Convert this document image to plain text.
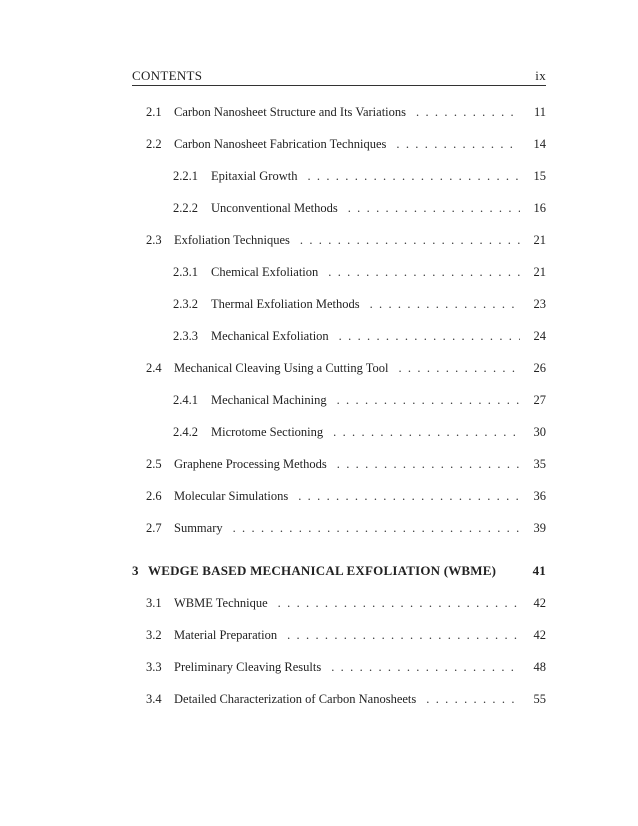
CONTENTS	ix
2.1 Carbon Nanosheet Structure and Its Variations . . .	11
2.2 Carbon Nanosheet Fabrication Techniques . . .	14
2.2.1	Epitaxial Growth . . .	15
2.2.2	Unconventional Methods . . .	16
2.3 Exfoliation Techniques . . .	21
2.3.1	Chemical Exfoliation . . .	21
2.3.2	Thermal Exfoliation Methods . . .	23
2.3.3	Mechanical Exfoliation . . .	24
2.4 Mechanical Cleaving Using a Cutting Tool . . .	26
2.4.1	Mechanical Machining . . .	27
2.4.2	Microtome Sectioning . . .	30
2.5 Graphene Processing Methods . . .	35
2.6 Molecular Simulations . . .	36
2.7 Summary . . .	39
3 WEDGE BASED MECHANICAL EXFOLIATION (WBME)	41
3.1 WBME Technique . . .	42
3.2 Material Preparation . . .	42
3.3 Preliminary Cleaving Results . . .	48
3.4 Detailed Characterization of Carbon Nanosheets . . .	55
